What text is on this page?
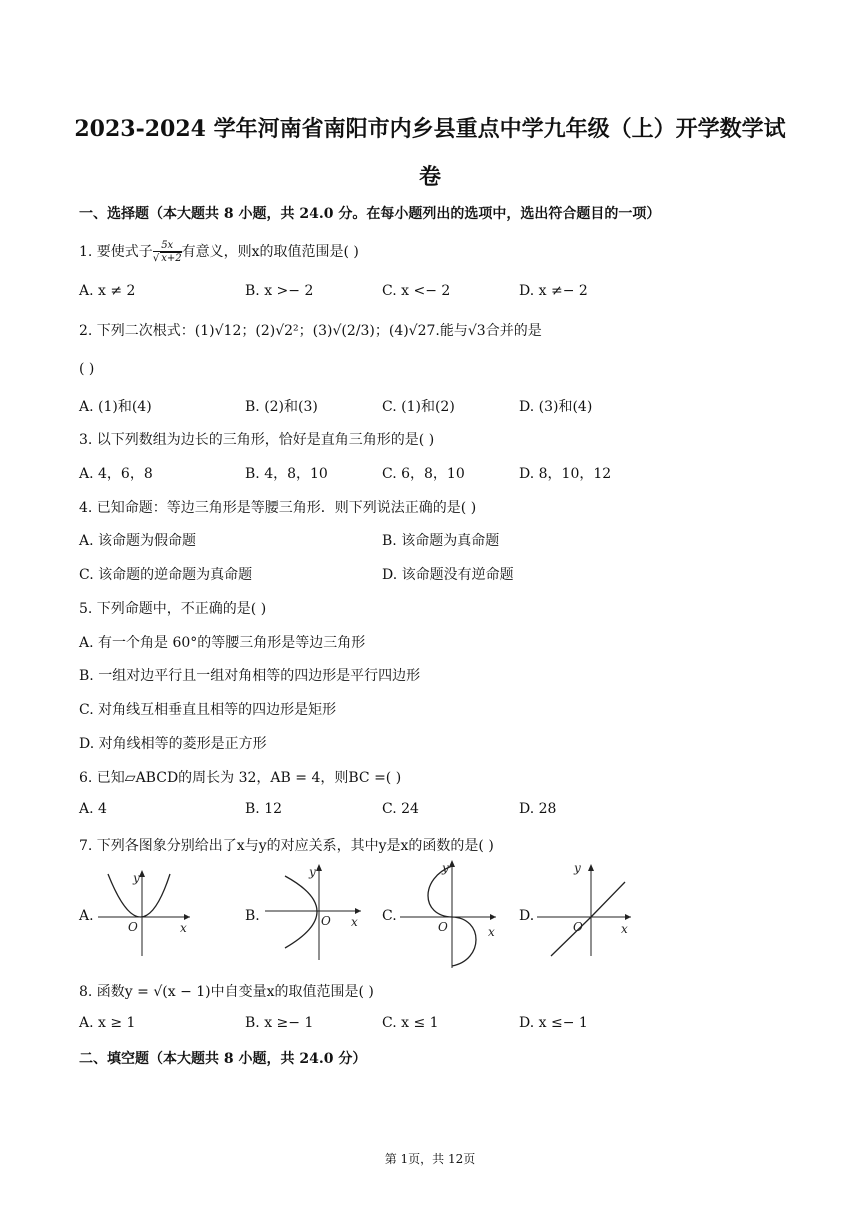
2023-2024 学年河南省南阳市内乡县重点中学九年级（上）开学数学试
卷
一、选择题（本大题共 8 小题，共 24.0 分。在每小题列出的选项中，选出符合题目的一项）
1. 要使式子 $\frac{5x}{√ x+2}$ 有意义，则x的取值范围是( )
A. x ≠ 2	B. x >− 2	C. x <− 2	D. x ≠− 2
2. 下列二次根式：(1)√12；(2)√2²；(3)√(2/3)；(4)√27.能与√3合并的是
( )
A. (1)和(4)	B. (2)和(3)	C. (1)和(2)	D. (3)和(4)
3. 以下列数组为边长的三角形，恰好是直角三角形的是( )
A. 4，6，8	B. 4，8，10	C. 6，8，10	D. 8，10，12
4. 已知命题：等边三角形是等腰三角形．则下列说法正确的是( )
A. 该命题为假命题	B. 该命题为真命题
C. 该命题的逆命题为真命题	D. 该命题没有逆命题
5. 下列命题中，不正确的是( )
A. 有一个角是 60°的等腰三角形是等边三角形
B. 一组对边平行且一组对角相等的四边形是平行四边形
C. 对角线互相垂直且相等的四边形是矩形
D. 对角线相等的菱形是正方形
6. 已知▱ABCD的周长为 32，AB = 4，则BC =( )
A. 4	B. 12	C. 24	D. 28
7. 下列各图象分别给出了x与y的对应关系，其中y是x的函数的是( )
A.	B.	C.	D.
y
O	x
y
O x
y
O	x
y
O	x
8. 函数y = √(x − 1)中自变量x的取值范围是( )
A. x ≥ 1	B. x ≥− 1	C. x ≤ 1	D. x ≤− 1
二、填空题（本大题共 8 小题，共 24.0 分）
第 1页，共 12页
